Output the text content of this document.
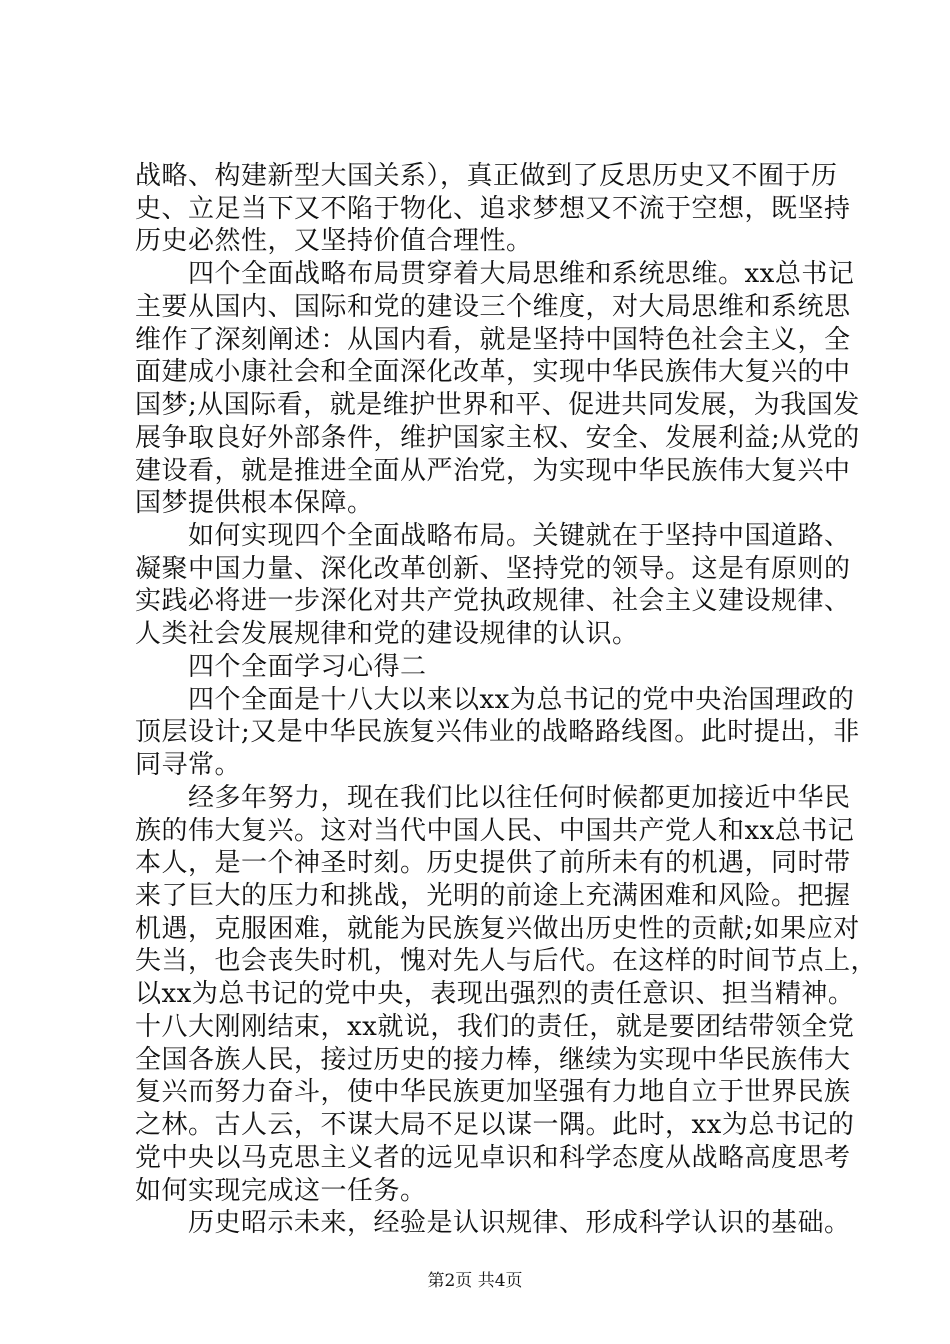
战略、构建新型大国关系），真正做到了反思历史又不囿于历
史、立足当下又不陷于物化、追求梦想又不流于空想，既坚持
历史必然性，又坚持价值合理性。
　　四个全面战略布局贯穿着大局思维和系统思维。xx总书记
主要从国内、国际和党的建设三个维度，对大局思维和系统思
维作了深刻阐述：从国内看，就是坚持中国特色社会主义，全
面建成小康社会和全面深化改革，实现中华民族伟大复兴的中
国梦;从国际看，就是维护世界和平、促进共同发展，为我国发
展争取良好外部条件，维护国家主权、安全、发展利益;从党的
建设看，就是推进全面从严治党，为实现中华民族伟大复兴中
国梦提供根本保障。
　　如何实现四个全面战略布局。关键就在于坚持中国道路、
凝聚中国力量、深化改革创新、坚持党的领导。这是有原则的
实践必将进一步深化对共产党执政规律、社会主义建设规律、
人类社会发展规律和党的建设规律的认识。
　　四个全面学习心得二
　　四个全面是十八大以来以xx为总书记的党中央治国理政的
顶层设计;又是中华民族复兴伟业的战略路线图。此时提出，非
同寻常。
　　经多年努力，现在我们比以往任何时候都更加接近中华民
族的伟大复兴。这对当代中国人民、中国共产党人和xx总书记
本人，是一个神圣时刻。历史提供了前所未有的机遇，同时带
来了巨大的压力和挑战，光明的前途上充满困难和风险。把握
机遇，克服困难，就能为民族复兴做出历史性的贡献;如果应对
失当，也会丧失时机，愧对先人与后代。在这样的时间节点上，
以xx为总书记的党中央，表现出强烈的责任意识、担当精神。
十八大刚刚结束，xx就说，我们的责任，就是要团结带领全党
全国各族人民，接过历史的接力棒，继续为实现中华民族伟大
复兴而努力奋斗，使中华民族更加坚强有力地自立于世界民族
之林。古人云，不谋大局不足以谋一隅。此时，xx为总书记的
党中央以马克思主义者的远见卓识和科学态度从战略高度思考
如何实现完成这一任务。
　　历史昭示未来，经验是认识规律、形成科学认识的基础。
第2页 共4页
